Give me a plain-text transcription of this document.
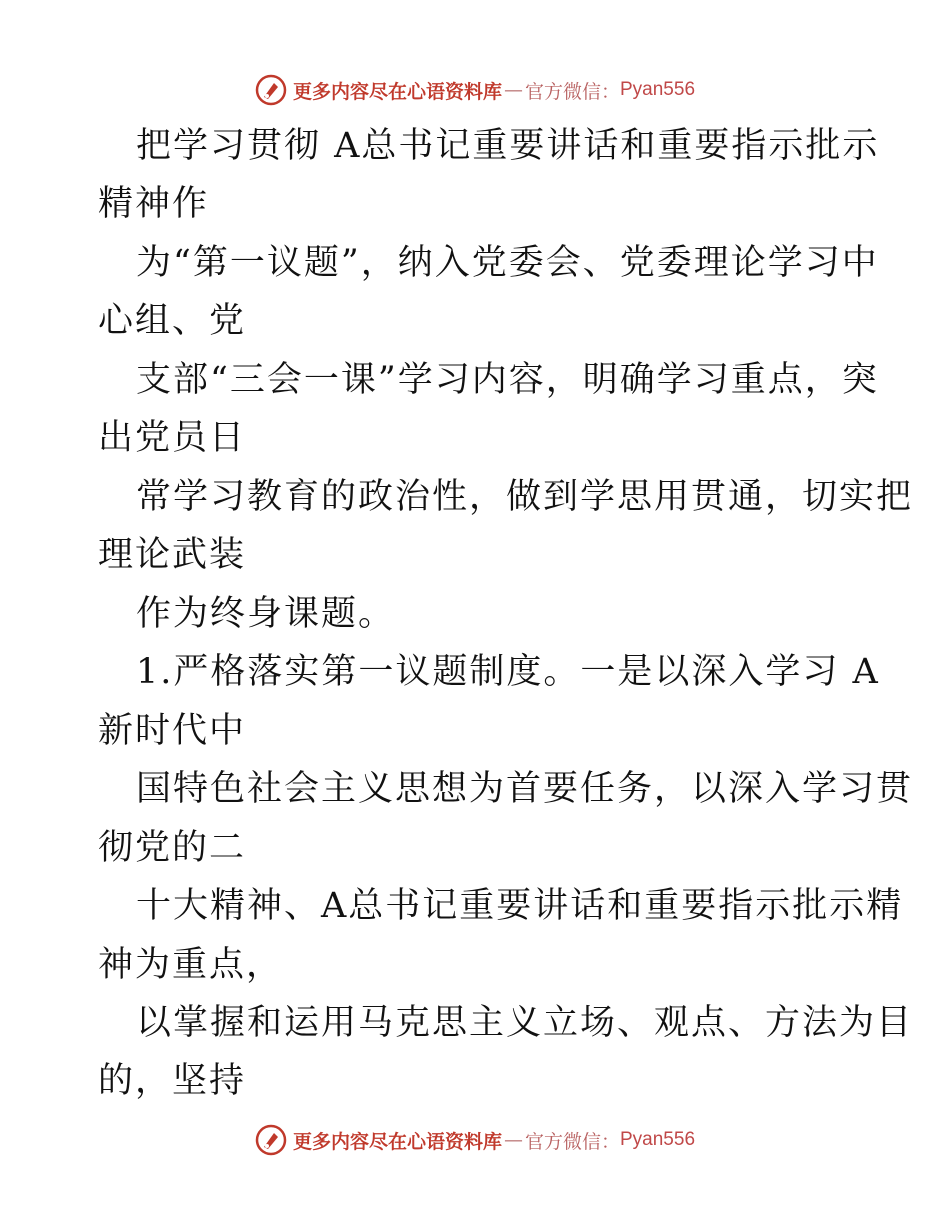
更多内容尽在心语资料库 — 官方微信： Pyan556
把学习贯彻 A总书记重要讲话和重要指示批示
精神作
为“第一议题”，纳入党委会、党委理论学习中
心组、党
支部“三会一课”学习内容，明确学习重点，突
出党员日
常学习教育的政治性，做到学思用贯通，切实把
理论武装
作为终身课题。
1.严格落实第一议题制度。一是以深入学习 A
新时代中
国特色社会主义思想为首要任务，以深入学习贯
彻党的二
十大精神、A总书记重要讲话和重要指示批示精
神为重点，
以掌握和运用马克思主义立场、观点、方法为目
的，坚持
更多内容尽在心语资料库 — 官方微信： Pyan556
